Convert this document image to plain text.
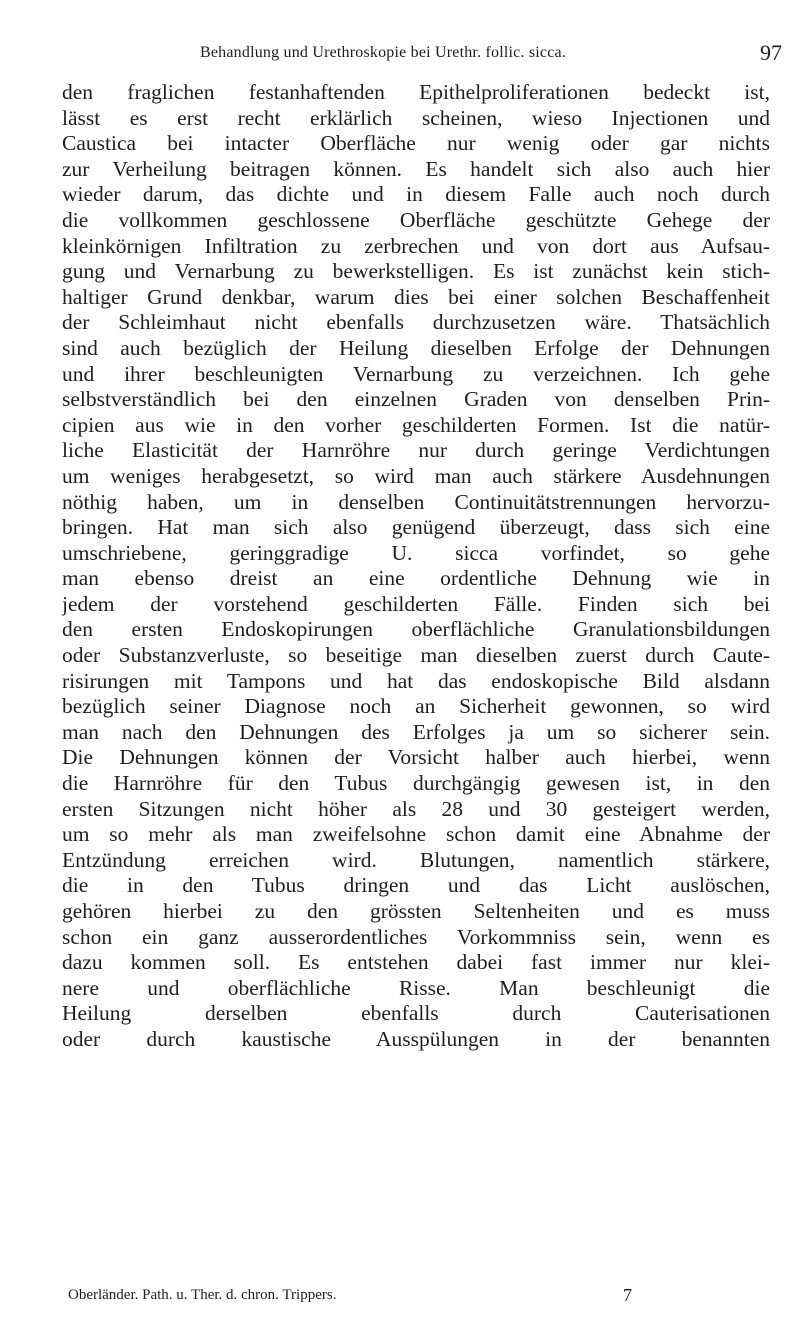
Behandlung und Urethroskopie bei Urethr. follic. sicca.	97
den fraglichen festanhaftenden Epithelproliferationen bedeckt ist,
lässt es erst recht erklärlich scheinen, wieso Injectionen und
Caustica bei intacter Oberfläche nur wenig oder gar nichts
zur Verheilung beitragen können. Es handelt sich also auch hier
wieder darum, das dichte und in diesem Falle auch noch durch
die vollkommen geschlossene Oberfläche geschützte Gehege der
kleinkörnigen Infiltration zu zerbrechen und von dort aus Aufsau-
gung und Vernarbung zu bewerkstelligen. Es ist zunächst kein stich-
haltiger Grund denkbar, warum dies bei einer solchen Beschaffenheit
der Schleimhaut nicht ebenfalls durchzusetzen wäre. Thatsächlich
sind auch bezüglich der Heilung dieselben Erfolge der Dehnungen
und ihrer beschleunigten Vernarbung zu verzeichnen. Ich gehe
selbstverständlich bei den einzelnen Graden von denselben Prin-
cipien aus wie in den vorher geschilderten Formen. Ist die natür-
liche Elasticität der Harnröhre nur durch geringe Verdichtungen
um weniges herabgesetzt, so wird man auch stärkere Ausdehnungen
nöthig haben, um in denselben Continuitätstrennungen hervorzu-
bringen. Hat man sich also genügend überzeugt, dass sich eine
umschriebene, geringgradige U. sicca vorfindet, so gehe
man ebenso dreist an eine ordentliche Dehnung wie in
jedem der vorstehend geschilderten Fälle. Finden sich bei
den ersten Endoskopirungen oberflächliche Granulationsbildungen
oder Substanzverluste, so beseitige man dieselben zuerst durch Caute-
risirungen mit Tampons und hat das endoskopische Bild alsdann
bezüglich seiner Diagnose noch an Sicherheit gewonnen, so wird
man nach den Dehnungen des Erfolges ja um so sicherer sein.
Die Dehnungen können der Vorsicht halber auch hierbei, wenn
die Harnröhre für den Tubus durchgängig gewesen ist, in den
ersten Sitzungen nicht höher als 28 und 30 gesteigert werden,
um so mehr als man zweifelsohne schon damit eine Abnahme der
Entzündung erreichen wird. Blutungen, namentlich stärkere,
die in den Tubus dringen und das Licht auslöschen,
gehören hierbei zu den grössten Seltenheiten und es muss
schon ein ganz ausserordentliches Vorkommniss sein, wenn es
dazu kommen soll. Es entstehen dabei fast immer nur klei-
nere und oberflächliche Risse. Man beschleunigt die
Heilung derselben ebenfalls durch Cauterisationen
oder durch kaustische Ausspülungen in der benannten
Oberländer. Path. u. Ther. d. chron. Trippers.	7
